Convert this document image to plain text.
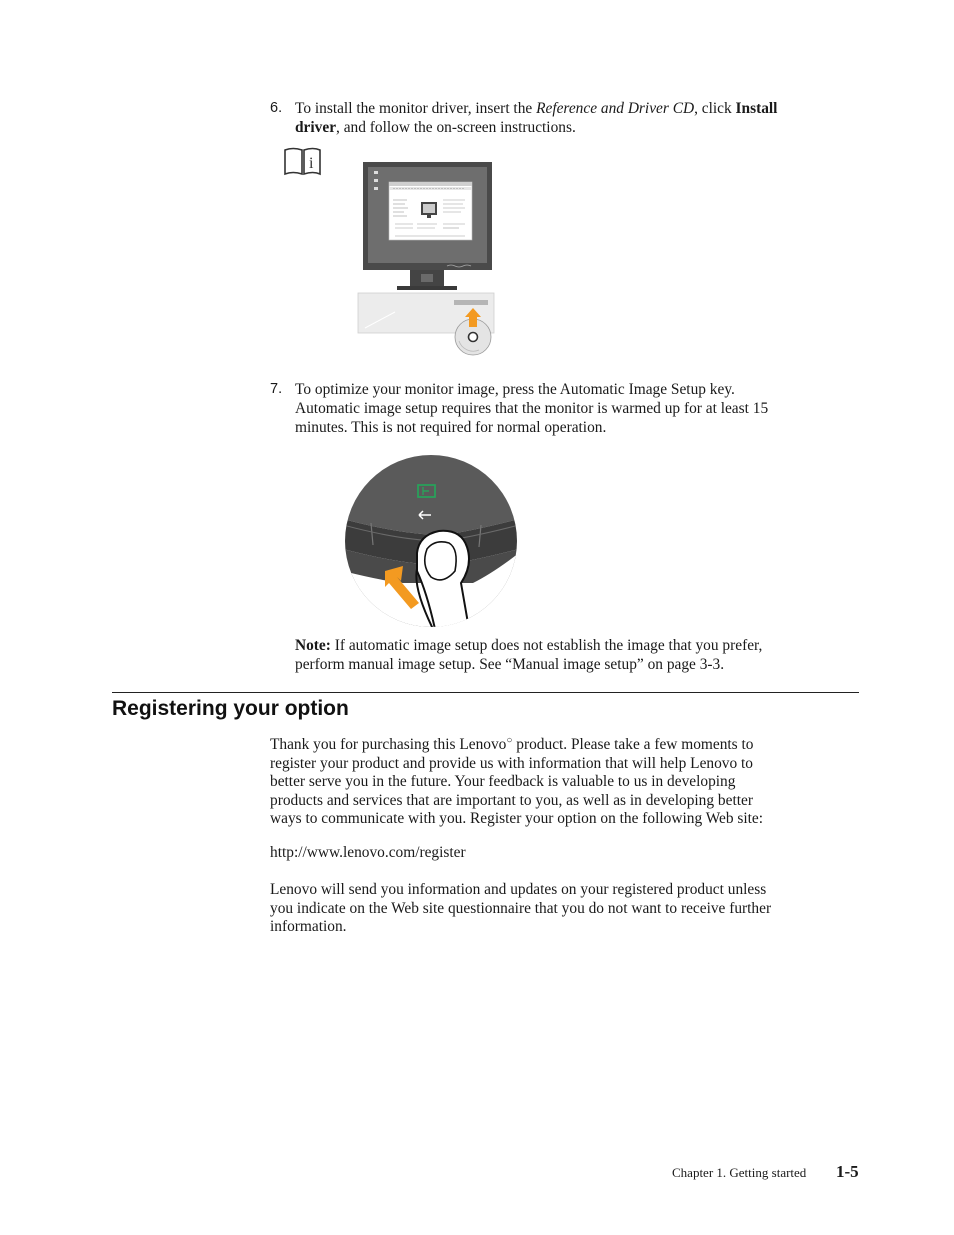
6. To install the monitor driver, insert the Reference and Driver CD, click Install
driver, and follow the on-screen instructions.
i
7. To optimize your monitor image, press the Automatic Image Setup key.
Automatic image setup requires that the monitor is warmed up for at least 15
minutes. This is not required for normal operation.
Note: If automatic image setup does not establish the image that you prefer,
perform manual image setup. See “Manual image setup” on page 3-3.
Registering your option
Thank you for purchasing this Lenovo○ product. Please take a few moments to
register your product and provide us with information that will help Lenovo to
better serve you in the future. Your feedback is valuable to us in developing
products and services that are important to you, as well as in developing better
ways to communicate with you. Register your option on the following Web site:
http://www.lenovo.com/register
Lenovo will send you information and updates on your registered product unless
you indicate on the Web site questionnaire that you do not want to receive further
information.
Chapter 1. Getting started 1-5
